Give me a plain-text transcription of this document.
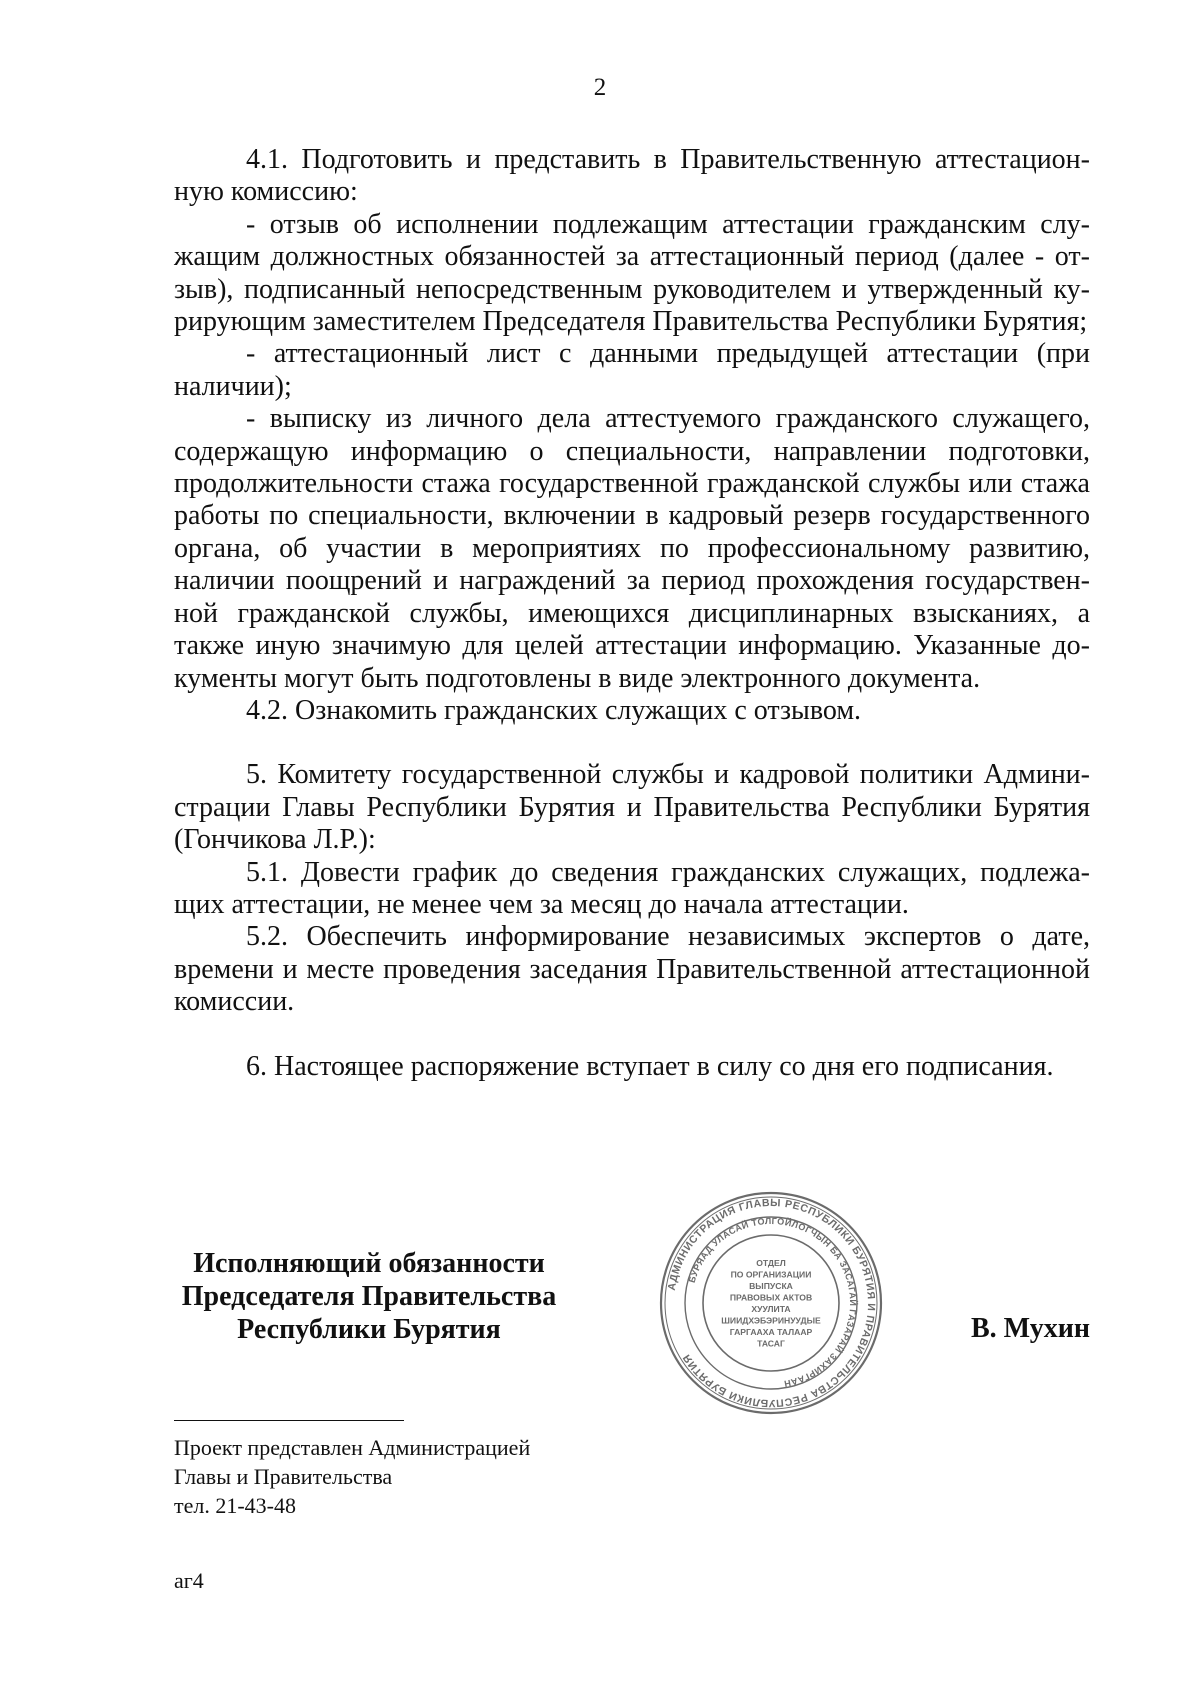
2

4.1. Подготовить и представить в Правительственную аттестационную комиссию:

- отзыв об исполнении подлежащим аттестации гражданским служащим должностных обязанностей за аттестационный период (далее - отзыв), подписанный непосредственным руководителем и утвержденный курирующим заместителем Председателя Правительства Республики Бурятия;

- аттестационный лист с данными предыдущей аттестации (при наличии);

- выписку из личного дела аттестуемого гражданского служащего, содержащую информацию о специальности, направлении подготовки, продолжительности стажа государственной гражданской службы или стажа работы по специальности, включении в кадровый резерв государственного органа, об участии в мероприятиях по профессиональному развитию, наличии поощрений и награждений за период прохождения государственной гражданской службы, имеющихся дисциплинарных взысканиях, а также иную значимую для целей аттестации информацию. Указанные документы могут быть подготовлены в виде электронного документа.

4.2. Ознакомить гражданских служащих с отзывом.

5. Комитету государственной службы и кадровой политики Администрации Главы Республики Бурятия и Правительства Республики Бурятия (Гончикова Л.Р.):

5.1. Довести график до сведения гражданских служащих, подлежащих аттестации, не менее чем за месяц до начала аттестации.

5.2. Обеспечить информирование независимых экспертов о дате, времени и месте проведения заседания Правительственной аттестационной комиссии.

6. Настоящее распоряжение вступает в силу со дня его подписания.

Исполняющий обязанности
Председателя Правительства
Республики Бурятия	В. Мухин
АДМИНИСТРАЦИЯ ГЛАВЫ РЕСПУБЛИКИ БУРЯТИЯ И ПРАВИТЕЛЬСТВА РЕСПУБЛИКИ БУРЯТИЯ
БУРЯАД УЛАСАЙ ТОЛГОЙЛОГЧЫН БА ЗАСАГАЙ ГАЗАРАЙ ЗАХИРГААН
ОТДЕЛ
ПО ОРГАНИЗАЦИИ
ВЫПУСКА
ПРАВОВЫХ АКТОВ
ХУУЛИТА
ШИИДХЭБЭРИНУУДЫЕ
ГАРГААХА ТАЛААР
ТАСАГ
Проект представлен Администрацией
Главы и Правительства
тел. 21-43-48
аг4
